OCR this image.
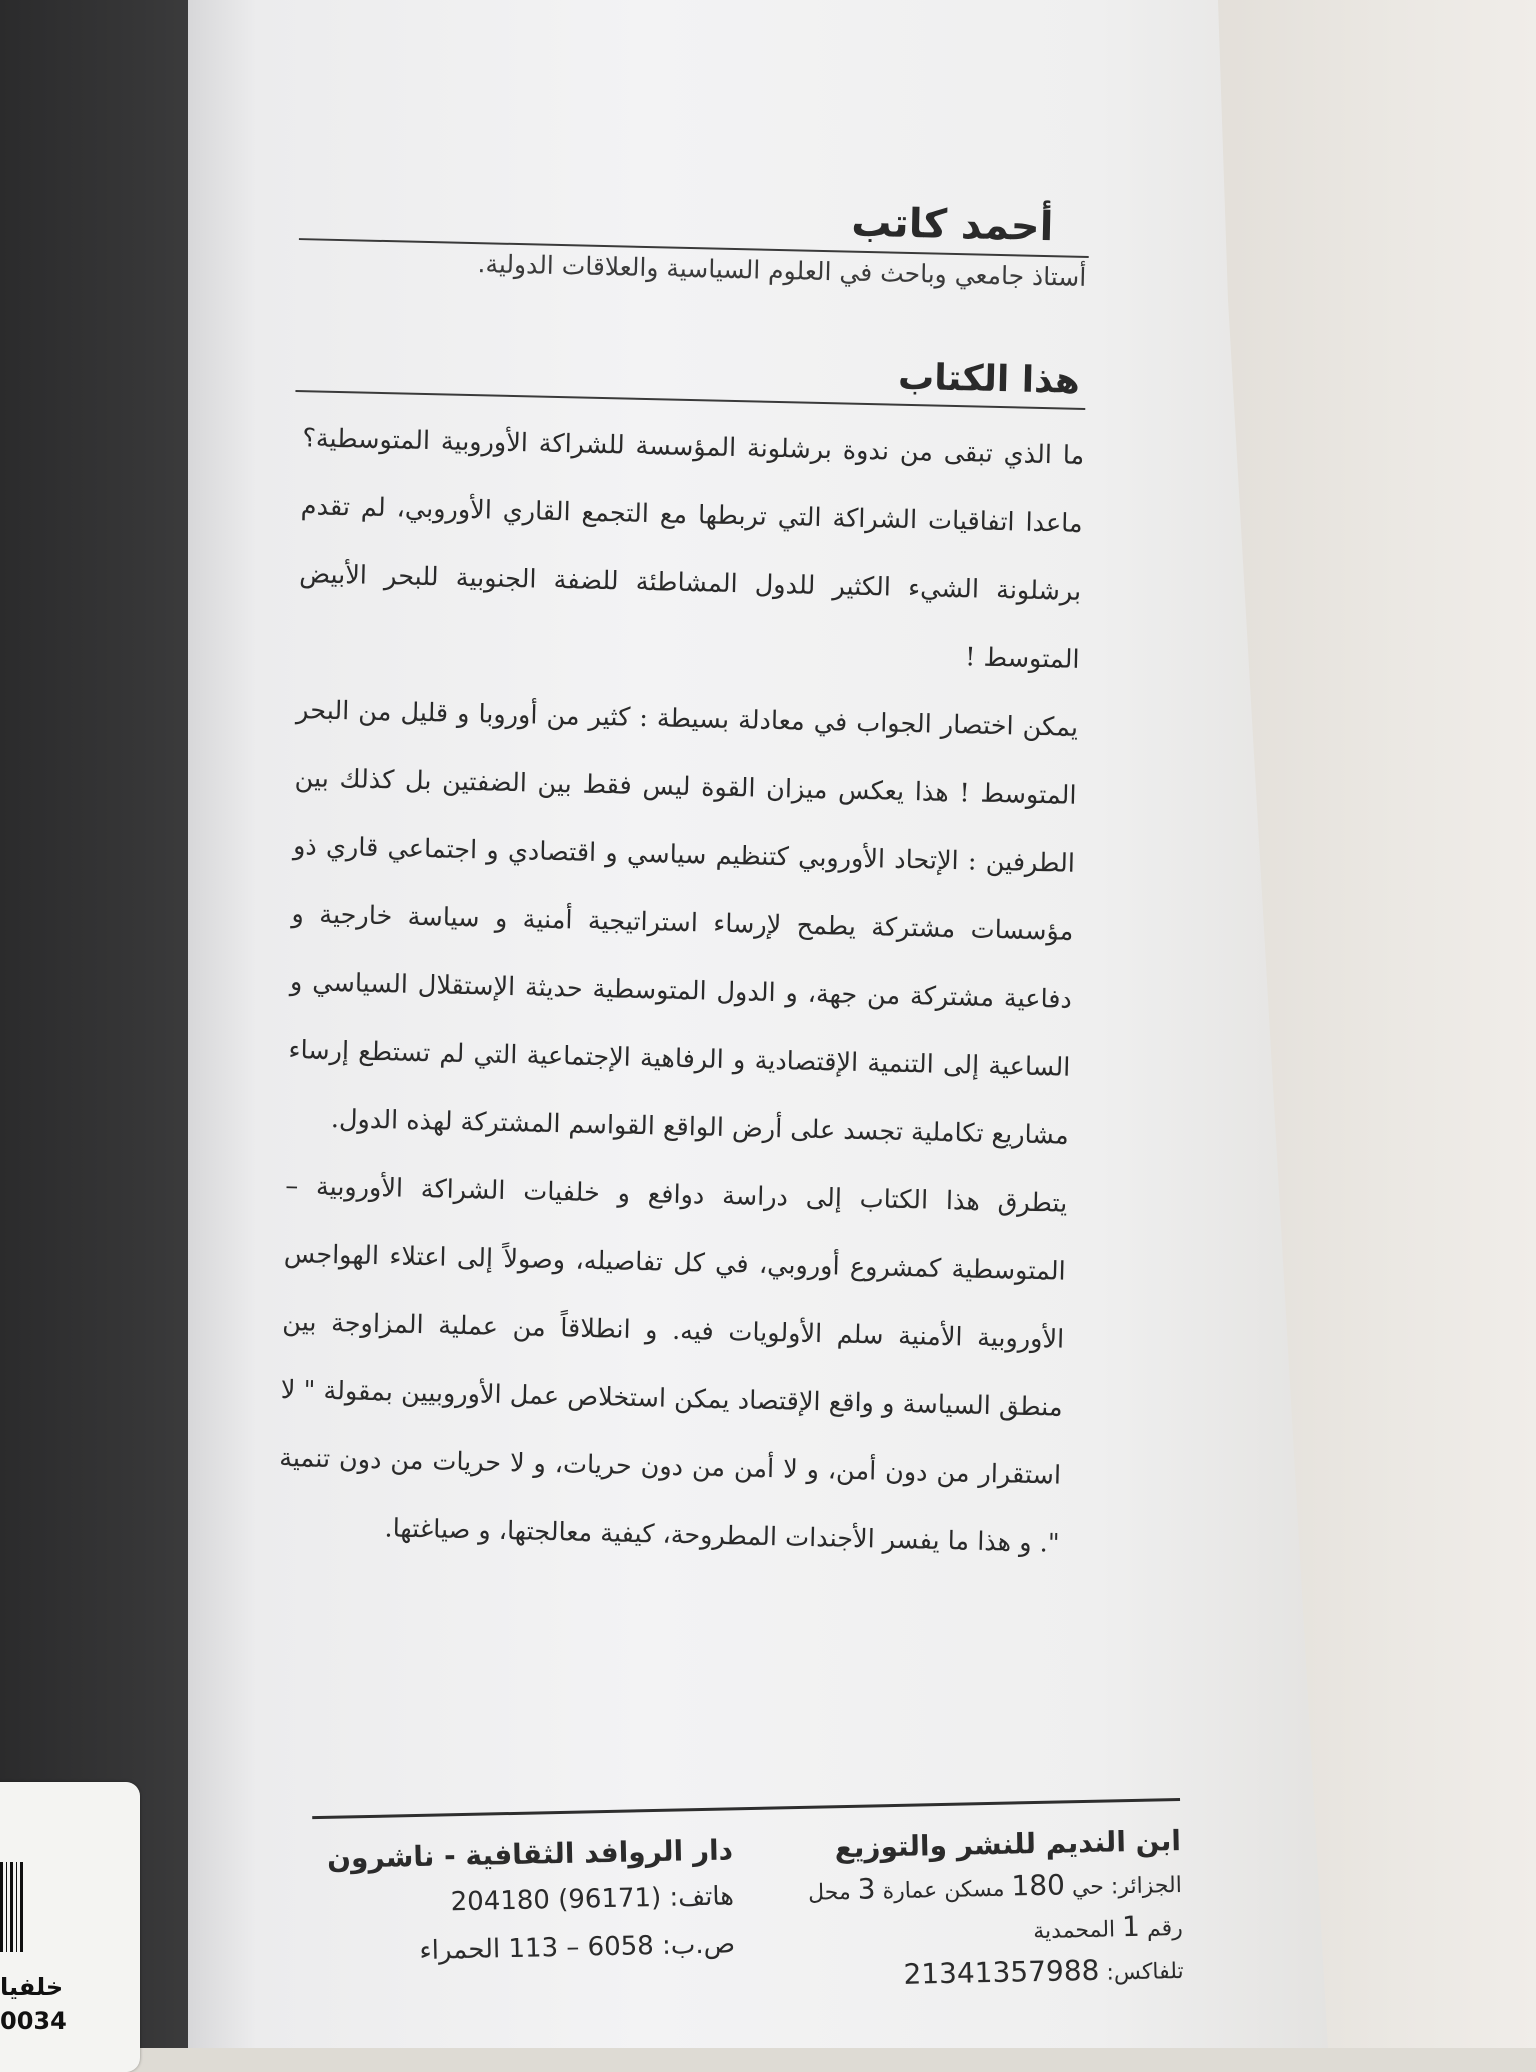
أحمد كاتب
أستاذ جامعي وباحث في العلوم السياسية والعلاقات الدولية.
هذا الكتاب

ما الذي تبقى من ندوة برشلونة المؤسسة للشراكة الأوروبية المتوسطية؟ ماعدا اتفاقيات الشراكة التي تربطها مع التجمع القاري الأوروبي، لم تقدم برشلونة الشيء الكثير للدول المشاطئة للضفة الجنوبية للبحر الأبيض المتوسط !

يمكن اختصار الجواب في معادلة بسيطة : كثير من أوروبا و قليل من البحر المتوسط ! هذا يعكس ميزان القوة ليس فقط بين الضفتين بل كذلك بين الطرفين : الإتحاد الأوروبي كتنظيم سياسي و اقتصادي و اجتماعي قاري ذو مؤسسات مشتركة يطمح لإرساء استراتيجية أمنية و سياسة خارجية و دفاعية مشتركة من جهة، و الدول المتوسطية حديثة الإستقلال السياسي و الساعية إلى التنمية الإقتصادية و الرفاهية الإجتماعية التي لم تستطع إرساء مشاريع تكاملية تجسد على أرض الواقع القواسم المشتركة لهذه الدول.

يتطرق هذا الكتاب إلى دراسة دوافع و خلفيات الشراكة الأوروبية – المتوسطية كمشروع أوروبي، في كل تفاصيله، وصولاً إلى اعتلاء الهواجس الأوروبية الأمنية سلم الأولويات فيه. و انطلاقاً من عملية المزاوجة بين منطق السياسة و واقع الإقتصاد يمكن استخلاص عمل الأوروبيين بمقولة " لا استقرار من دون أمن، و لا أمن من دون حريات، و لا حريات من دون تنمية ". و هذا ما يفسر الأجندات المطروحة، كيفية معالجتها، و صياغتها.

ابن النديم للنشر والتوزيع
الجزائر: حي 180 مسكن عمارة 3 محل
رقم 1 المحمدية
تلفاكس: 21341357988
دار الروافد الثقافية - ناشرون
هاتف: 204180 (96171)
ص.ب: 6058 – 113 الحمراء
خلفيا
0034
